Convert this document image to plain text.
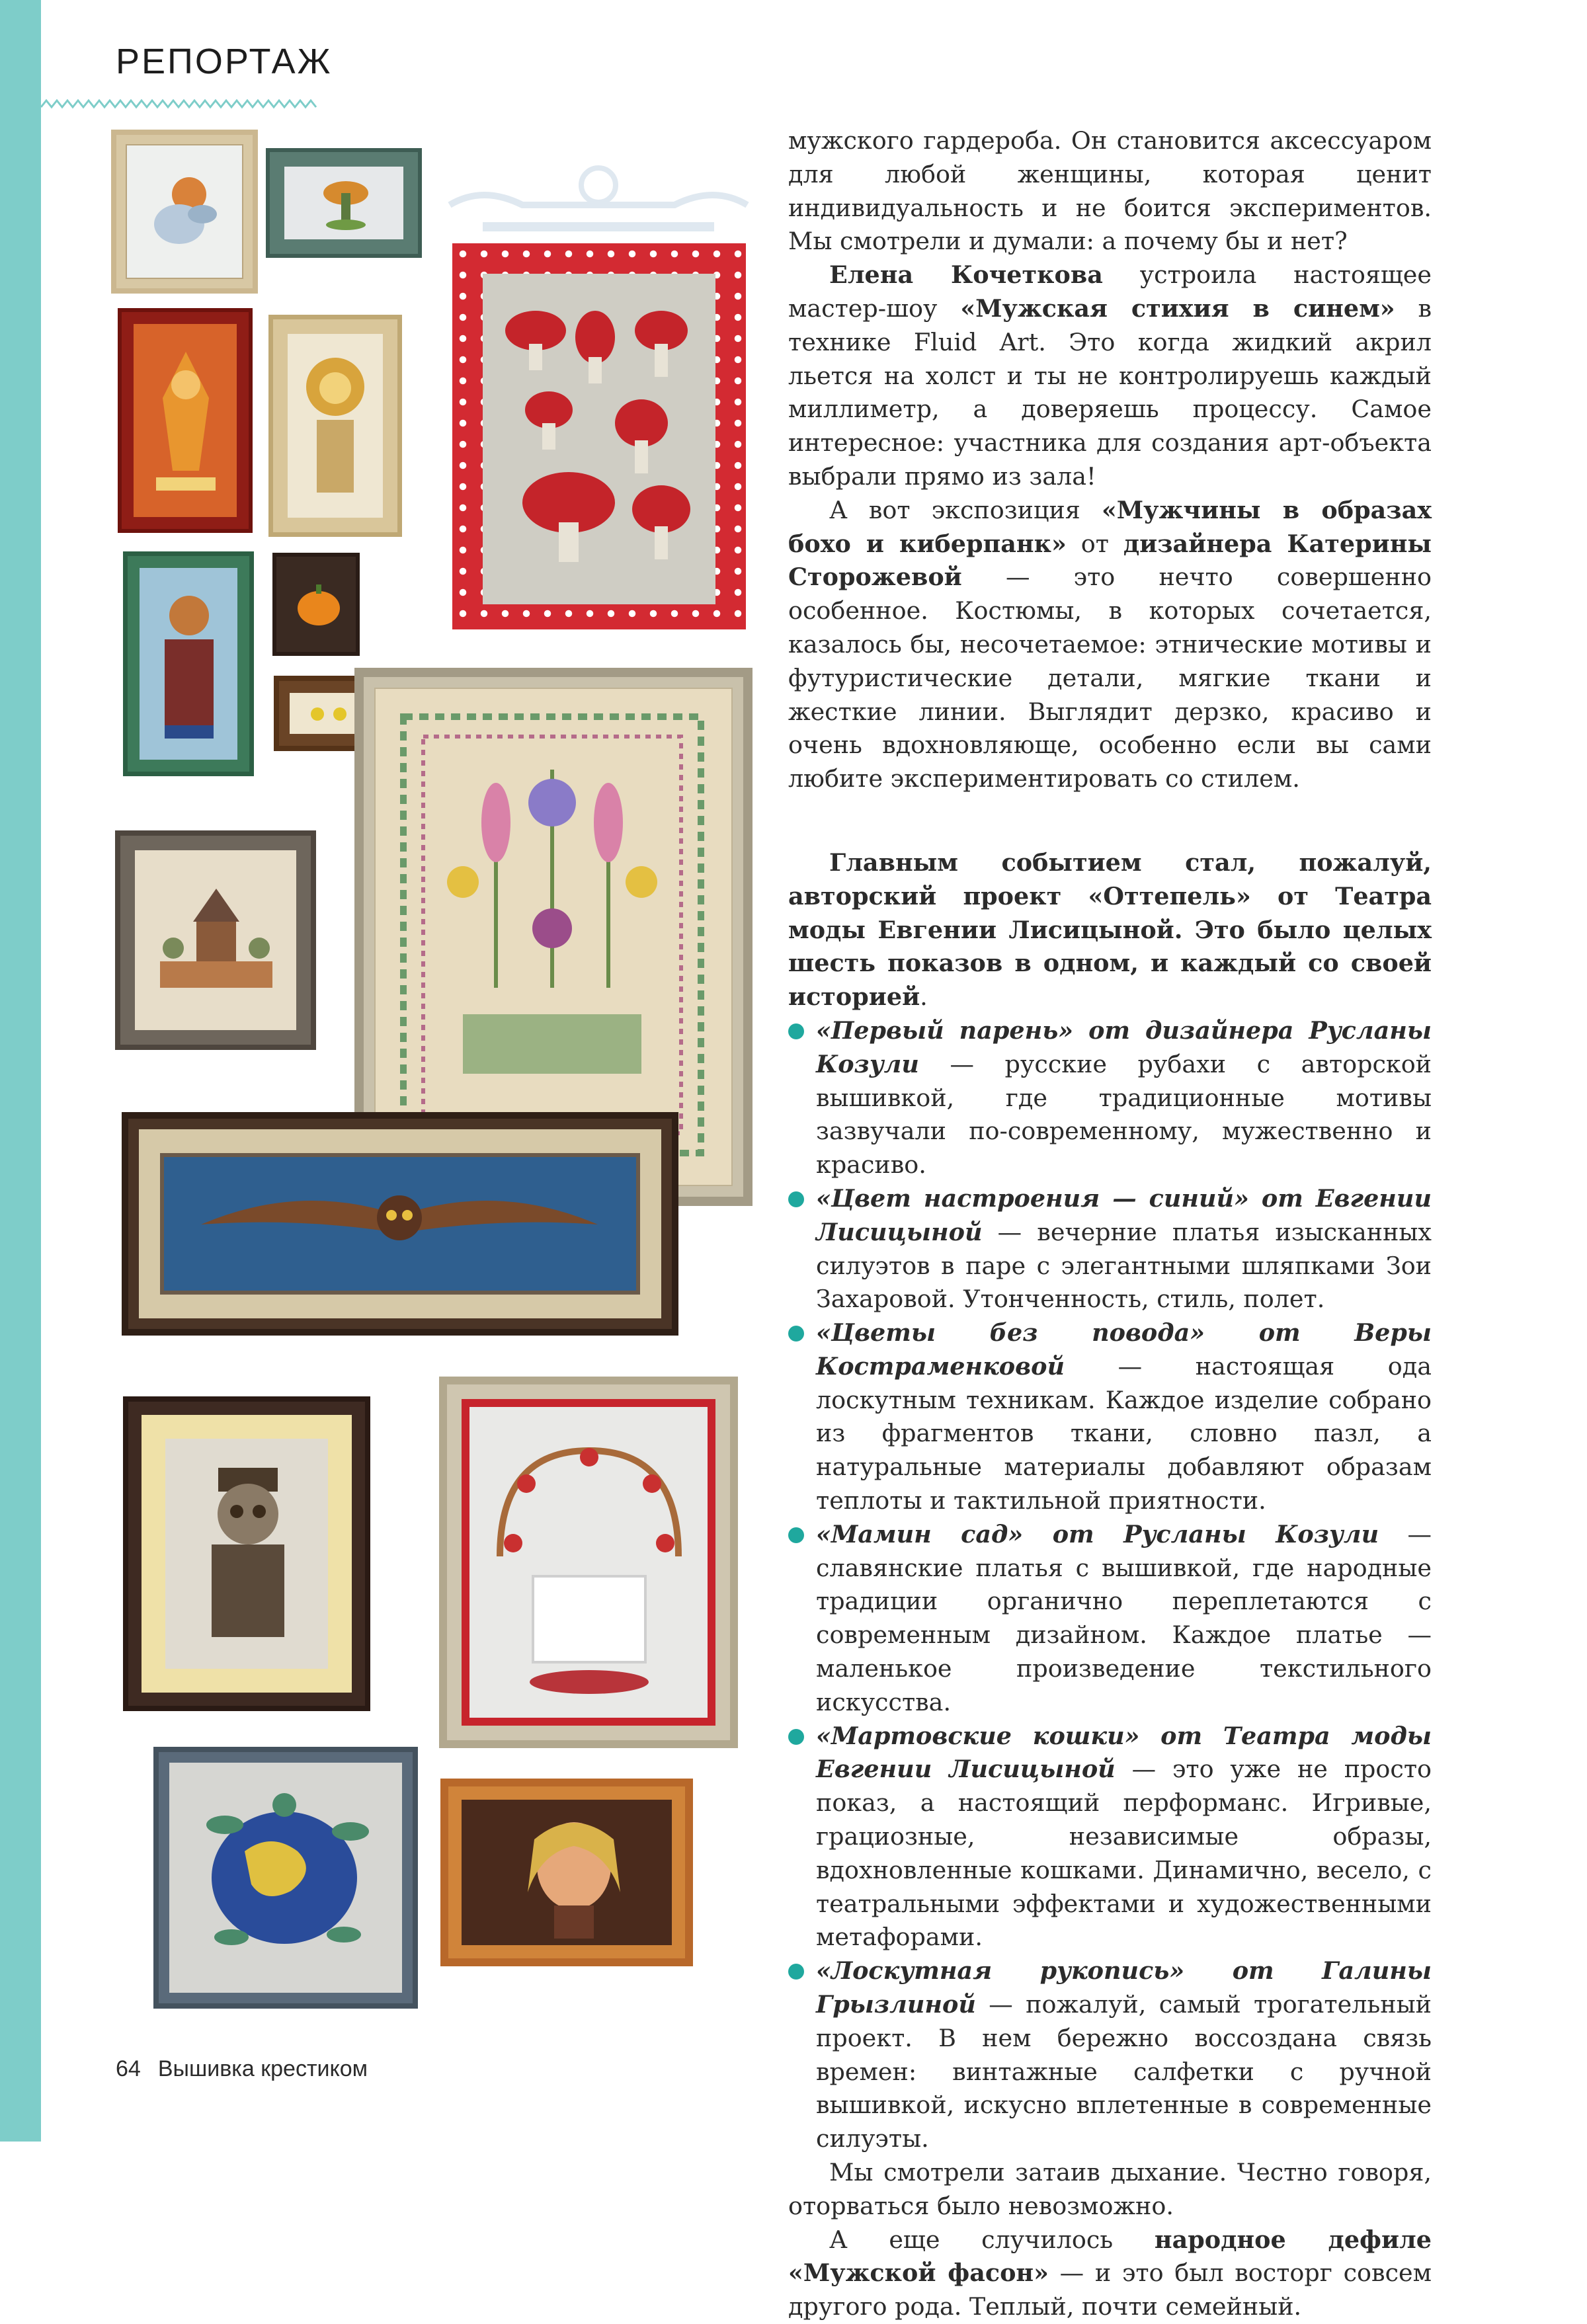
РЕПОРТАЖ

мужского гардероба. Он становится аксессуаром для любой женщины, которая ценит индивидуальность и не боится экспериментов. Мы смотрели и думали: а почему бы и нет?

Елена Кочеткова устроила настоящее мастер-шоу «Мужская стихия в синем» в технике Fluid Art. Это когда жидкий акрил льется на холст и ты не контролируешь каждый миллиметр, а доверяешь процессу. Самое интересное: участника для создания арт-объекта выбрали прямо из зала!

А вот экспозиция «Мужчины в образах бохо и киберпанк» от дизайнера Катерины Сторожевой — это нечто совершенно особенное. Костюмы, в которых сочетается, казалось бы, несочетаемое: этнические мотивы и футуристические детали, мягкие ткани и жесткие линии. Выглядит дерзко, красиво и очень вдохновляюще, особенно если вы сами любите экспериментировать со стилем.

Главным событием стал, пожалуй, авторский проект «Оттепель» от Театра моды Евгении Лисицыной. Это было целых шесть показов в одном, и каждый со своей историей.

«Первый парень» от дизайнера Русланы Козули — русские рубахи с авторской вышивкой, где традиционные мотивы зазвучали по-современному, мужественно и красиво.

«Цвет настроения — синий» от Евгении Лисицыной — вечерние платья изысканных силуэтов в паре с элегантными шляпками Зои Захаровой. Утонченность, стиль, полет.

«Цветы без повода» от Веры Костраменковой — настоящая ода лоскутным техникам. Каждое изделие собрано из фрагментов ткани, словно пазл, а натуральные материалы добавляют образам теплоты и тактильной приятности.

«Мамин сад» от Русланы Козули — славянские платья с вышивкой, где народные традиции органично переплетаются с современным дизайном. Каждое платье — маленькое произведение текстильного искусства.

«Мартовские кошки» от Театра моды Евгении Лисицыной — это уже не просто показ, а настоящий перформанс. Игривые, грациозные, независимые образы, вдохновленные кошками. Динамично, весело, с театральными эффектами и художественными метафорами.

«Лоскутная рукопись» от Галины Грызлиной — пожалуй, самый трогательный проект. В нем бережно воссоздана связь времен: винтажные салфетки с ручной вышивкой, искусно вплетенные в современные силуэты.

Мы смотрели затаив дыхание. Честно говоря, оторваться было невозможно.

А еще случилось народное дефиле «Мужской фасон» — и это был восторг совсем другого рода. Теплый, почти семейный.

64 Вышивка крестиком
